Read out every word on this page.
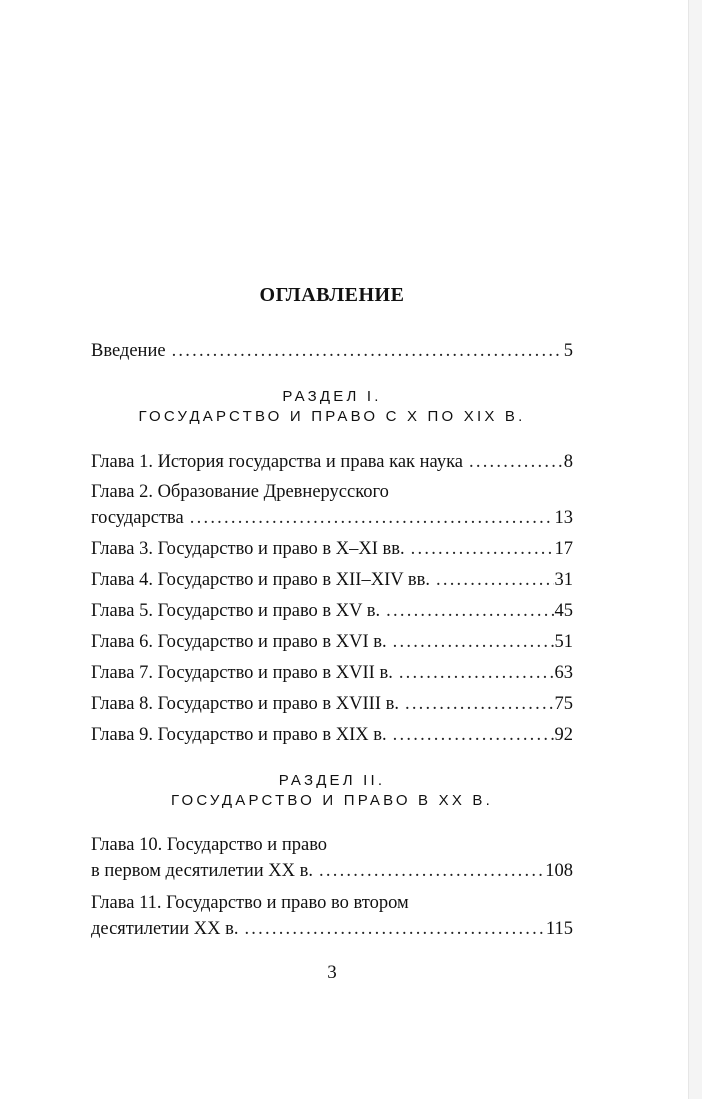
ОГЛАВЛЕНИЕ
Введение . . .	5
РАЗДЕЛ I.
ГОСУДАРСТВО И ПРАВО С X ПО XIX В.
Глава 1. История государства и права как наука . . .	8
Глава 2. Образование Древнерусского
государства . . .	13
Глава 3. Государство и право в X–XI вв. . . .	17
Глава 4. Государство и право в XII–XIV вв. . . .	31
Глава 5. Государство и право в XV в. . . .	45
Глава 6. Государство и право в XVI в. . . .	51
Глава 7. Государство и право в XVII в. . . .	63
Глава 8. Государство и право в XVIII в. . . .	75
Глава 9. Государство и право в XIX в. . . .	92
РАЗДЕЛ II.
ГОСУДАРСТВО И ПРАВО В XX В.
Глава 10. Государство и право
в первом десятилетии XX в. . . .	108
Глава 11. Государство и право во втором
десятилетии XX в. . . .	115
3
